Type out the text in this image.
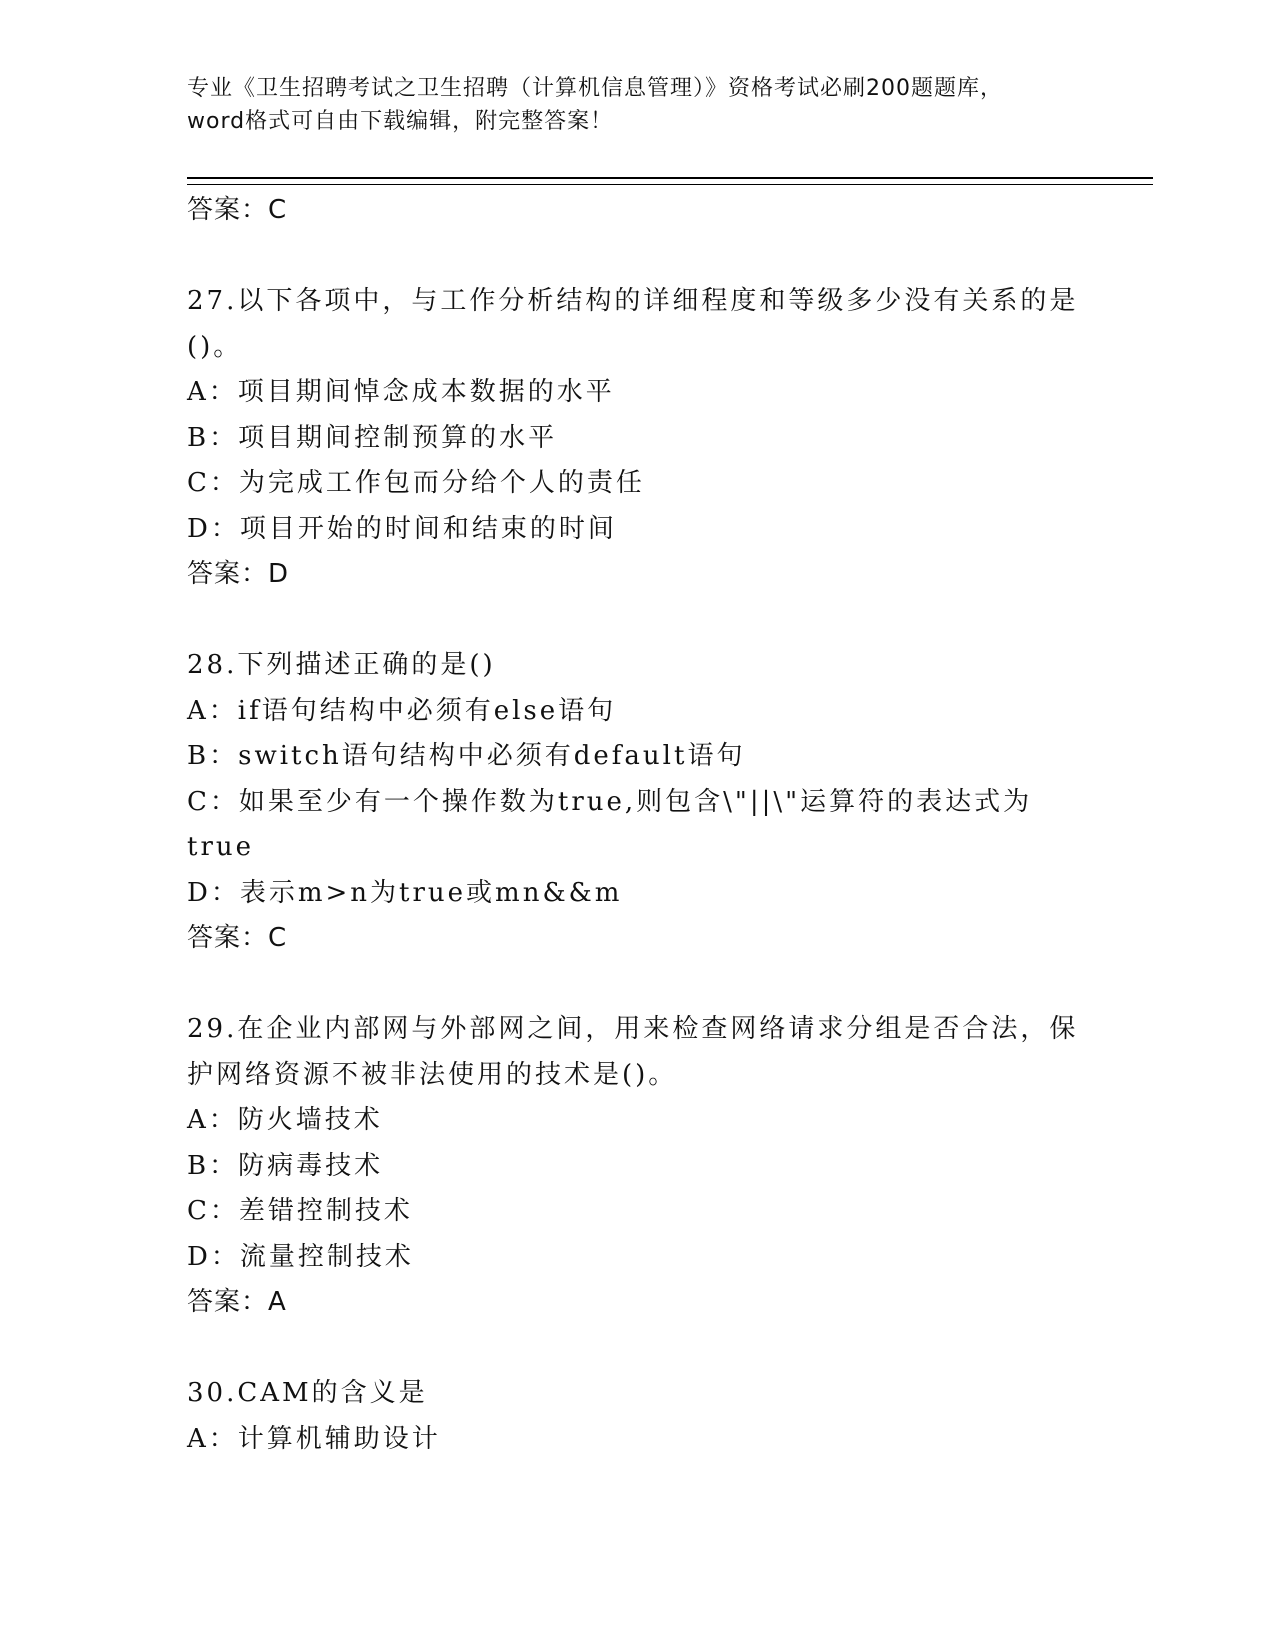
专业《卫生招聘考试之卫生招聘（计算机信息管理）》资格考试必刷200题题库，
word格式可自由下载编辑，附完整答案！
答案：C
27.以下各项中，与工作分析结构的详细程度和等级多少没有关系的是
()。
A：项目期间悼念成本数据的水平
B：项目期间控制预算的水平
C：为完成工作包而分给个人的责任
D：项目开始的时间和结束的时间
答案：D
28.下列描述正确的是()
A：if语句结构中必须有else语句
B：switch语句结构中必须有default语句
C：如果至少有一个操作数为true,则包含\"||\"运算符的表达式为
true
D：表示m>n为true或mn&&m
答案：C
29.在企业内部网与外部网之间，用来检查网络请求分组是否合法，保
护网络资源不被非法使用的技术是()。
A：防火墙技术
B：防病毒技术
C：差错控制技术
D：流量控制技术
答案：A
30.CAM的含义是
A：计算机辅助设计
